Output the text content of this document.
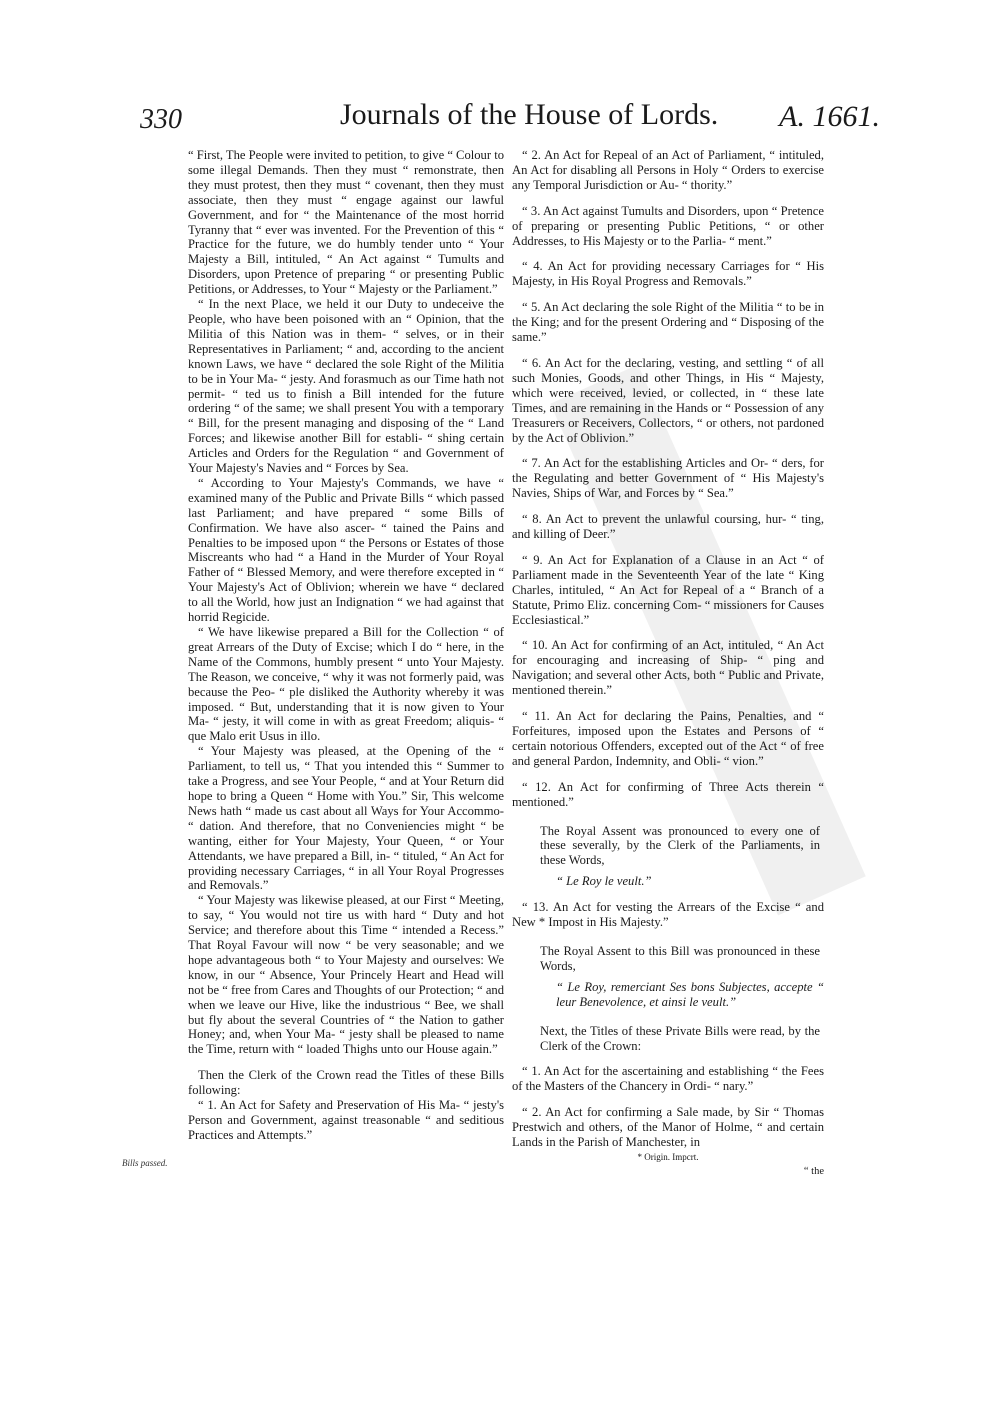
330	Journals of the House of Lords. A. 1661.

“ First, The People were invited to petition, to give “ Colour to some illegal Demands. Then they must “ remonstrate, then they must protest, then they must “ covenant, then they must associate, then they must “ engage against our lawful Government, and for “ the Maintenance of the most horrid Tyranny that “ ever was invented. For the Prevention of this “ Practice for the future, we do humbly tender unto “ Your Majesty a Bill, intituled, “ An Act against “ Tumults and Disorders, upon Pretence of preparing “ or presenting Public Petitions, or Addresses, to Your “ Majesty or the Parliament.”

“ In the next Place, we held it our Duty to undeceive the People, who have been poisoned with an “ Opinion, that the Militia of this Nation was in them- “ selves, or in their Representatives in Parliament; “ and, according to the ancient known Laws, we have “ declared the sole Right of the Militia to be in Your Ma- “ jesty. And forasmuch as our Time hath not permit- “ ted us to finish a Bill intended for the future ordering “ of the same; we shall present You with a temporary “ Bill, for the present managing and disposing of the “ Land Forces; and likewise another Bill for establi- “ shing certain Articles and Orders for the Regulation “ and Government of Your Majesty's Navies and “ Forces by Sea.

“ According to Your Majesty's Commands, we have “ examined many of the Public and Private Bills “ which passed last Parliament; and have prepared “ some Bills of Confirmation. We have also ascer- “ tained the Pains and Penalties to be imposed upon “ the Persons or Estates of those Miscreants who had “ a Hand in the Murder of Your Royal Father of “ Blessed Memory, and were therefore excepted in “ Your Majesty's Act of Oblivion; wherein we have “ declared to all the World, how just an Indignation “ we had against that horrid Regicide.

“ We have likewise prepared a Bill for the Collection “ of great Arrears of the Duty of Excise; which I do “ here, in the Name of the Commons, humbly present “ unto Your Majesty. The Reason, we conceive, “ why it was not formerly paid, was because the Peo- “ ple disliked the Authority whereby it was imposed. “ But, understanding that it is now given to Your Ma- “ jesty, it will come in with as great Freedom; aliquis- “ que Malo erit Usus in illo.

“ Your Majesty was pleased, at the Opening of the “ Parliament, to tell us, “ That you intended this “ Summer to take a Progress, and see Your People, “ and at Your Return did hope to bring a Queen “ Home with You.” Sir, This welcome News hath “ made us cast about all Ways for Your Accommo- “ dation. And therefore, that no Conveniencies might “ be wanting, either for Your Majesty, Your Queen, “ or Your Attendants, we have prepared a Bill, in- “ tituled, “ An Act for providing necessary Carriages, “ in all Your Royal Progresses and Removals.”

“ Your Majesty was likewise pleased, at our First “ Meeting, to say, “ You would not tire us with hard “ Duty and hot Service; and therefore about this Time “ intended a Recess.” That Royal Favour will now “ be very seasonable; and we hope advantageous both “ to Your Majesty and ourselves: We know, in our “ Absence, Your Princely Heart and Head will not be “ free from Cares and Thoughts of our Protection; “ and when we leave our Hive, like the industrious “ Bee, we shall but fly about the several Countries of “ the Nation to gather Honey; and, when Your Ma- “ jesty shall be pleased to name the Time, return with “ loaded Thighs unto our House again.”

Then the Clerk of the Crown read the Titles of these Bills following:

“ 1. An Act for Safety and Preservation of His Ma- “ jesty's Person and Government, against treasonable “ and seditious Practices and Attempts.”

Bills passed.

“ 2. An Act for Repeal of an Act of Parliament, “ intituled, An Act for disabling all Persons in Holy “ Orders to exercise any Temporal Jurisdiction or Au- “ thority.”

“ 3. An Act against Tumults and Disorders, upon “ Pretence of preparing or presenting Public Petitions, “ or other Addresses, to His Majesty or to the Parlia- “ ment.”

“ 4. An Act for providing necessary Carriages for “ His Majesty, in His Royal Progress and Removals.”

“ 5. An Act declaring the sole Right of the Militia “ to be in the King; and for the present Ordering and “ Disposing of the same.”

“ 6. An Act for the declaring, vesting, and settling “ of all such Monies, Goods, and other Things, in His “ Majesty, which were received, levied, or collected, in “ these late Times, and are remaining in the Hands or “ Possession of any Treasurers or Receivers, Collectors, “ or others, not pardoned by the Act of Oblivion.”

“ 7. An Act for the establishing Articles and Or- “ ders, for the Regulating and better Government of “ His Majesty's Navies, Ships of War, and Forces by “ Sea.”

“ 8. An Act to prevent the unlawful coursing, hur- “ ting, and killing of Deer.”

“ 9. An Act for Explanation of a Clause in an Act “ of Parliament made in the Seventeenth Year of the late “ King Charles, intituled, “ An Act for Repeal of a “ Branch of a Statute, Primo Eliz. concerning Com- “ missioners for Causes Ecclesiastical.”

“ 10. An Act for confirming of an Act, intituled, “ An Act for encouraging and increasing of Ship- “ ping and Navigation; and several other Acts, both “ Public and Private, mentioned therein.”

“ 11. An Act for declaring the Pains, Penalties, and “ Forfeitures, imposed upon the Estates and Persons of “ certain notorious Offenders, excepted out of the Act “ of free and general Pardon, Indemnity, and Obli- “ vion.”

“ 12. An Act for confirming of Three Acts therein “ mentioned.”

The Royal Assent was pronounced to every one of these severally, by the Clerk of the Parliaments, in these Words,

“ Le Roy le veult.”

“ 13. An Act for vesting the Arrears of the Excise “ and New * Impost in His Majesty.”

The Royal Assent to this Bill was pronounced in these Words,

“ Le Roy, remerciant Ses bons Subjectes, accepte “ leur Benevolence, et ainsi le veult.”

Next, the Titles of these Private Bills were read, by the Clerk of the Crown:

“ 1. An Act for the ascertaining and establishing “ the Fees of the Masters of the Chancery in Ordi- “ nary.”

“ 2. An Act for confirming a Sale made, by Sir “ Thomas Prestwich and others, of the Manor of Holme, “ and certain Lands in the Parish of Manchester, in

* Origin. Impcrt.
“ the
